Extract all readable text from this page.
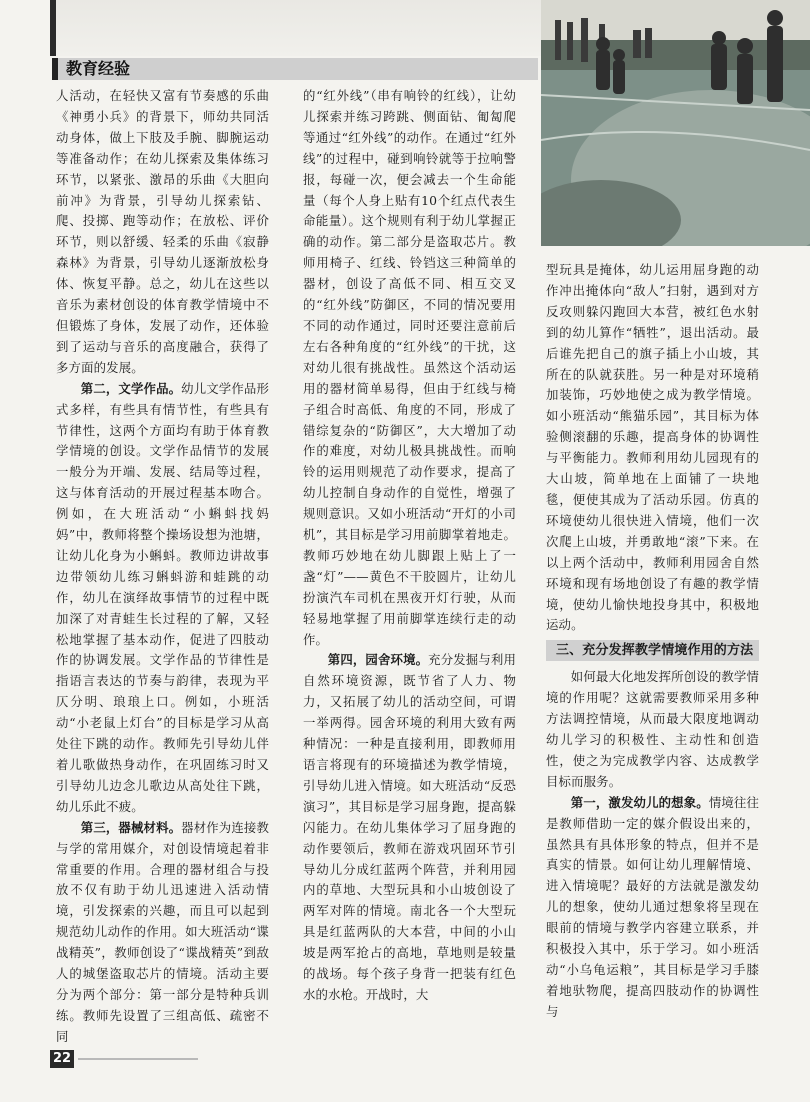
教育经验

人活动，在轻快又富有节奏感的乐曲《神勇小兵》的背景下，师幼共同活动身体，做上下肢及手腕、脚腕运动等准备动作；在幼儿探索及集体练习环节，以紧张、激昂的乐曲《大胆向前冲》为背景，引导幼儿探索钻、爬、投掷、跑等动作；在放松、评价环节，则以舒缓、轻柔的乐曲《寂静森林》为背景，引导幼儿逐渐放松身体、恢复平静。总之，幼儿在这些以音乐为素材创设的体育教学情境中不但锻炼了身体，发展了动作，还体验到了运动与音乐的高度融合，获得了多方面的发展。

第二，文学作品。幼儿文学作品形式多样，有些具有情节性，有些具有节律性，这两个方面均有助于体育教学情境的创设。文学作品情节的发展一般分为开端、发展、结局等过程，这与体育活动的开展过程基本吻合。例如，在大班活动“小蝌蚪找妈妈”中，教师将整个操场设想为池塘，让幼儿化身为小蝌蚪。教师边讲故事边带领幼儿练习蝌蚪游和蛙跳的动作，幼儿在演绎故事情节的过程中既加深了对青蛙生长过程的了解，又轻松地掌握了基本动作，促进了四肢动作的协调发展。文学作品的节律性是指语言表达的节奏与韵律，表现为平仄分明、琅琅上口。例如，小班活动“小老鼠上灯台”的目标是学习从高处往下跳的动作。教师先引导幼儿伴着儿歌做热身动作，在巩固练习时又引导幼儿边念儿歌边从高处往下跳，幼儿乐此不疲。

第三，器械材料。器材作为连接教与学的常用媒介，对创设情境起着非常重要的作用。合理的器材组合与投放不仅有助于幼儿迅速进入活动情境，引发探索的兴趣，而且可以起到规范幼儿动作的作用。如大班活动“谍战精英”，教师创设了“谍战精英”到敌人的城堡盗取芯片的情境。活动主要分为两个部分：第一部分是特种兵训练。教师先设置了三组高低、疏密不同

的“红外线”（串有响铃的红线），让幼儿探索并练习跨跳、侧面钻、匍匐爬等通过“红外线”的动作。在通过“红外线”的过程中，碰到响铃就等于拉响警报，每碰一次，便会减去一个生命能量（每个人身上贴有10个红点代表生命能量）。这个规则有利于幼儿掌握正确的动作。第二部分是盗取芯片。教师用椅子、红线、铃铛这三种简单的器材，创设了高低不同、相互交叉的“红外线”防御区，不同的情况要用不同的动作通过，同时还要注意前后左右各种角度的“红外线”的干扰，这对幼儿很有挑战性。虽然这个活动运用的器材简单易得，但由于红线与椅子组合时高低、角度的不同，形成了错综复杂的“防御区”，大大增加了动作的难度，对幼儿极具挑战性。而响铃的运用则规范了动作要求，提高了幼儿控制自身动作的自觉性，增强了规则意识。又如小班活动“开灯的小司机”，其目标是学习用前脚掌着地走。教师巧妙地在幼儿脚跟上贴上了一盏“灯”——黄色不干胶圆片，让幼儿扮演汽车司机在黑夜开灯行驶，从而轻易地掌握了用前脚掌连续行走的动作。

第四，园舍环境。充分发掘与利用自然环境资源，既节省了人力、物力，又拓展了幼儿的活动空间，可谓一举两得。园舍环境的利用大致有两种情况：一种是直接利用，即教师用语言将现有的环境描述为教学情境，引导幼儿进入情境。如大班活动“反恐演习”，其目标是学习屈身跑，提高躲闪能力。在幼儿集体学习了屈身跑的动作要领后，教师在游戏巩固环节引导幼儿分成红蓝两个阵营，并利用园内的草地、大型玩具和小山坡创设了两军对阵的情境。南北各一个大型玩具是红蓝两队的大本营，中间的小山坡是两军抢占的高地，草地则是较量的战场。每个孩子身背一把装有红色水的水枪。开战时，大

型玩具是掩体，幼儿运用屈身跑的动作冲出掩体向“敌人”扫射，遇到对方反攻则躲闪跑回大本营，被红色水射到的幼儿算作“牺牲”，退出活动。最后谁先把自己的旗子插上小山坡，其所在的队就获胜。另一种是对环境稍加装饰，巧妙地使之成为教学情境。如小班活动“熊猫乐园”，其目标为体验侧滚翻的乐趣，提高身体的协调性与平衡能力。教师利用幼儿园现有的大山坡，简单地在上面铺了一块地毯，便使其成为了活动乐园。仿真的环境使幼儿很快进入情境，他们一次次爬上山坡，并勇敢地“滚”下来。在以上两个活动中，教师利用园舍自然环境和现有场地创设了有趣的教学情境，使幼儿愉快地投身其中，积极地运动。

三、充分发挥教学情境作用的方法

如何最大化地发挥所创设的教学情境的作用呢？这就需要教师采用多种方法调控情境，从而最大限度地调动幼儿学习的积极性、主动性和创造性，使之为完成教学内容、达成教学目标而服务。

第一，激发幼儿的想象。情境往往是教师借助一定的媒介假设出来的，虽然具有具体形象的特点，但并不是真实的情景。如何让幼儿理解情境、进入情境呢？最好的方法就是激发幼儿的想象，使幼儿通过想象将呈现在眼前的情境与教学内容建立联系，并积极投入其中，乐于学习。如小班活动“小乌龟运粮”，其目标是学习手膝着地驮物爬，提高四肢动作的协调性与

22
